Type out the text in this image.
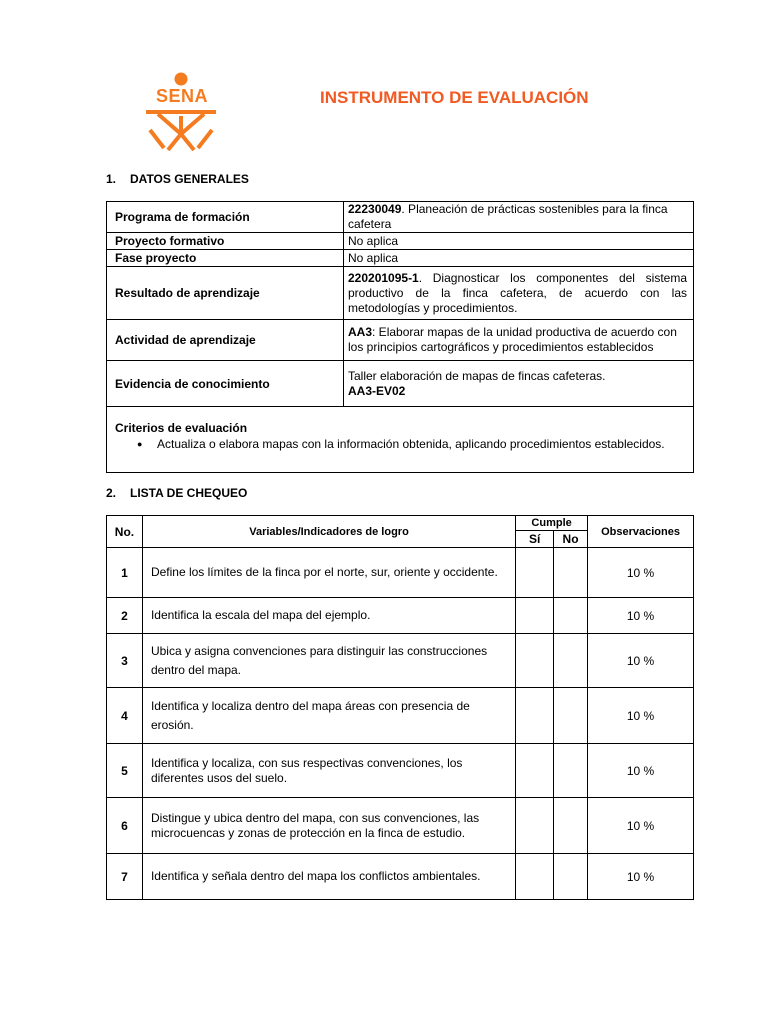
SENA	INSTRUMENTO DE EVALUACIÓN
1. DATOS GENERALES
Programa de formación	22230049. Planeación de prácticas sostenibles para la finca cafetera
Proyecto formativo	No aplica
Fase proyecto	No aplica
Resultado de aprendizaje	220201095-1. Diagnosticar los componentes del sistema productivo de la finca cafetera, de acuerdo con las metodologías y procedimientos.
Actividad de aprendizaje	AA3: Elaborar mapas de la unidad productiva de acuerdo con los principios cartográficos y procedimientos establecidos
Evidencia de conocimiento	Taller elaboración de mapas de fincas cafeteras.
AA3-EV02

Criterios de evaluación
● Actualiza o elabora mapas con la información obtenida, aplicando procedimientos establecidos.	
2. LISTA DE CHEQUEO
No.	Variables/Indicadores de logro	Cumple		Observaciones
		Sí	No	
1	Define los límites de la finca por el norte, sur, oriente y occidente.			10 %
2	Identifica la escala del mapa del ejemplo.			10 %
3	Ubica y asigna convenciones para distinguir las construcciones dentro del mapa.			10 %
4	Identifica y localiza dentro del mapa áreas con presencia de erosión.			10 %
5	Identifica y localiza, con sus respectivas convenciones, los diferentes usos del suelo.			10 %
6	Distingue y ubica dentro del mapa, con sus convenciones, las microcuencas y zonas de protección en la finca de estudio.			10 %
7	Identifica y señala dentro del mapa los conflictos ambientales.			10 %
